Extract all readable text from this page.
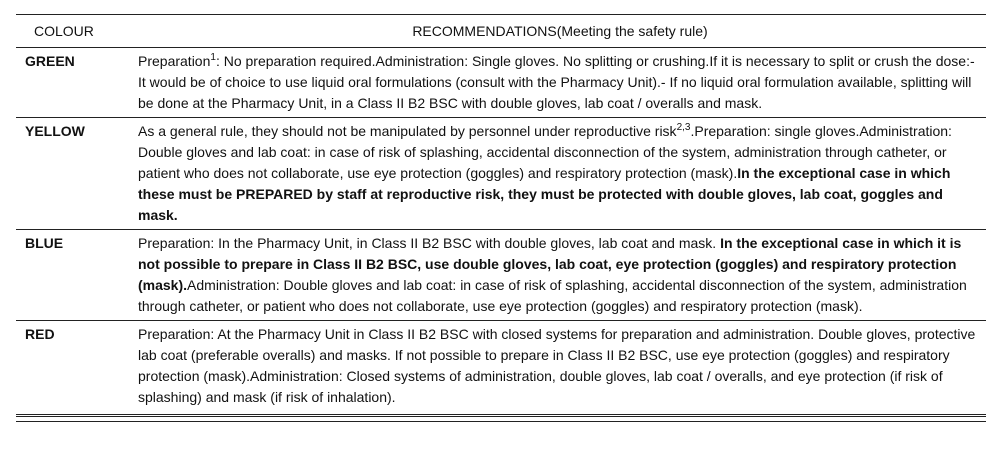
COLOUR	RECOMMENDATIONS(Meeting the safety rule)
GREEN	Preparation$^1$: No preparation required.Administration: Single gloves. No splitting or crushing.If it is necessary to split or crush the dose:- It would be of choice to use liquid oral formulations (consult with the Pharmacy Unit).- If no liquid oral formulation available, splitting will be done at the Pharmacy Unit, in a Class II B2 BSC with double gloves, lab coat / overalls and mask.
YELLOW	As a general rule, they should not be manipulated by personnel under reproductive risk$^{2,3}$.Preparation: single gloves.Administration: Double gloves and lab coat: in case of risk of splashing, accidental disconnection of the system, administration through catheter, or patient who does not collaborate, use eye protection (goggles) and respiratory protection (mask).In the exceptional case in which these must be PREPARED by staff at reproductive risk, they must be protected with double gloves, lab coat, goggles and mask.
BLUE	Preparation: In the Pharmacy Unit, in Class II B2 BSC with double gloves, lab coat and mask. In the exceptional case in which it is not possible to prepare in Class II B2 BSC, use double gloves, lab coat, eye protection (goggles) and respiratory protection (mask).Administration: Double gloves and lab coat: in case of risk of splashing, accidental disconnection of the system, administration through catheter, or patient who does not collaborate, use eye protection (goggles) and respiratory protection (mask).
RED	Preparation: At the Pharmacy Unit in Class II B2 BSC with closed systems for preparation and administration. Double gloves, protective lab coat (preferable overalls) and masks. If not possible to prepare in Class II B2 BSC, use eye protection (goggles) and respiratory protection (mask).Administration: Closed systems of administration, double gloves, lab coat / overalls, and eye protection (if risk of splashing) and mask (if risk of inhalation).
